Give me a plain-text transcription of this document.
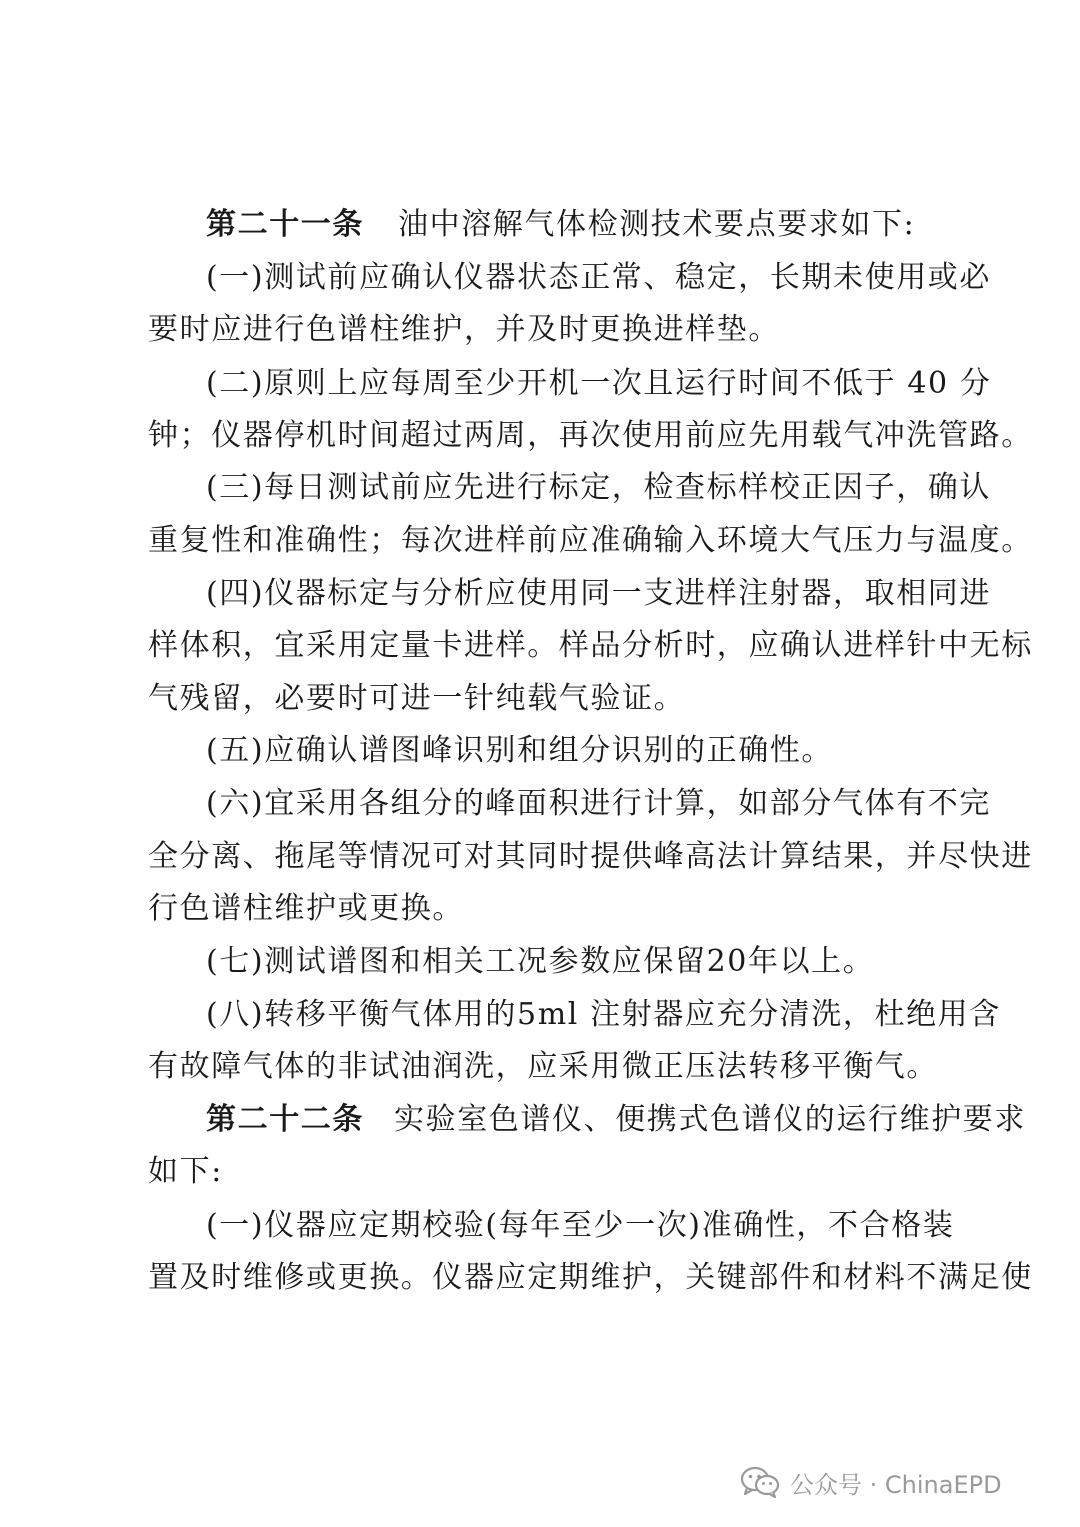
第二十一条 油中溶解气体检测技术要点要求如下:
(一)测试前应确认仪器状态正常、稳定，长期未使用或必
要时应进行色谱柱维护，并及时更换进样垫。
(二)原则上应每周至少开机一次且运行时间不低于 40 分
钟；仪器停机时间超过两周，再次使用前应先用载气冲洗管路。
(三)每日测试前应先进行标定，检查标样校正因子，确认
重复性和准确性；每次进样前应准确输入环境大气压力与温度。
(四)仪器标定与分析应使用同一支进样注射器，取相同进
样体积，宜采用定量卡进样。样品分析时，应确认进样针中无标
气残留，必要时可进一针纯载气验证。
(五)应确认谱图峰识别和组分识别的正确性。
(六)宜采用各组分的峰面积进行计算，如部分气体有不完
全分离、拖尾等情况可对其同时提供峰高法计算结果，并尽快进
行色谱柱维护或更换。
(七)测试谱图和相关工况参数应保留20年以上。
(八)转移平衡气体用的5ml 注射器应充分清洗，杜绝用含
有故障气体的非试油润洗，应采用微正压法转移平衡气。
第二十二条 实验室色谱仪、便携式色谱仪的运行维护要求
如下:
(一)仪器应定期校验(每年至少一次)准确性，不合格装
置及时维修或更换。仪器应定期维护，关键部件和材料不满足使
公众号 · ChinaEPD
